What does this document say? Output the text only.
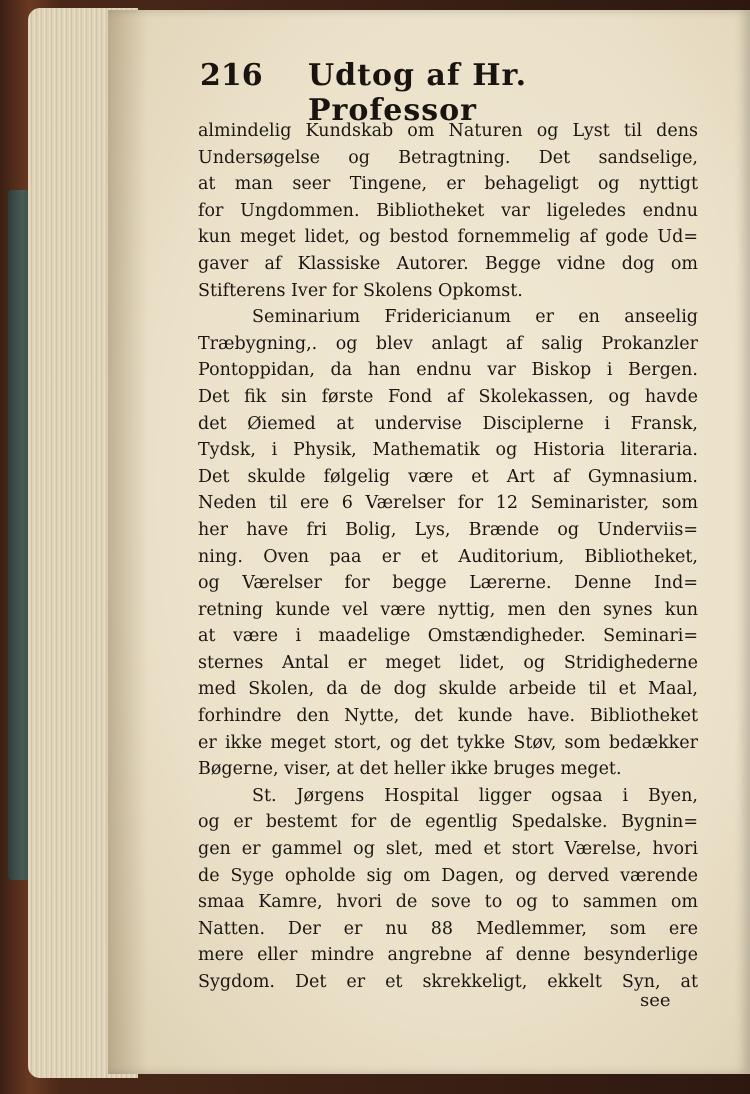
216 Udtog af Hr. Professor
almindelig Kundskab om Naturen og Lyst til dens
Undersøgelse og Betragtning. Det sandselige,
at man seer Tingene, er behageligt og nyttigt
for Ungdommen. Bibliotheket var ligeledes endnu
kun meget lidet, og bestod fornemmelig af gode Ud=
gaver af Klassiske Autorer. Begge vidne dog om
Stifterens Iver for Skolens Opkomst.
Seminarium Fridericianum er en anseelig
Træbygning,. og blev anlagt af salig Prokanzler
Pontoppidan, da han endnu var Biskop i Bergen.
Det fik sin første Fond af Skolekassen, og havde
det Øiemed at undervise Disciplerne i Fransk,
Tydsk, i Physik, Mathematik og Historia literaria.
Det skulde følgelig være et Art af Gymnasium.
Neden til ere 6 Værelser for 12 Seminarister, som
her have fri Bolig, Lys, Brænde og Underviis=
ning. Oven paa er et Auditorium, Bibliotheket,
og Værelser for begge Lærerne. Denne Ind=
retning kunde vel være nyttig, men den synes kun
at være i maadelige Omstændigheder. Seminari=
sternes Antal er meget lidet, og Stridighederne
med Skolen, da de dog skulde arbeide til et Maal,
forhindre den Nytte, det kunde have. Bibliotheket
er ikke meget stort, og det tykke Støv, som bedækker
Bøgerne, viser, at det heller ikke bruges meget.
St. Jørgens Hospital ligger ogsaa i Byen,
og er bestemt for de egentlig Spedalske. Bygnin=
gen er gammel og slet, med et stort Værelse, hvori
de Syge opholde sig om Dagen, og derved værende
smaa Kamre, hvori de sove to og to sammen om
Natten. Der er nu 88 Medlemmer, som ere
mere eller mindre angrebne af denne besynderlige
Sygdom. Det er et skrekkeligt, ekkelt Syn, at
see
